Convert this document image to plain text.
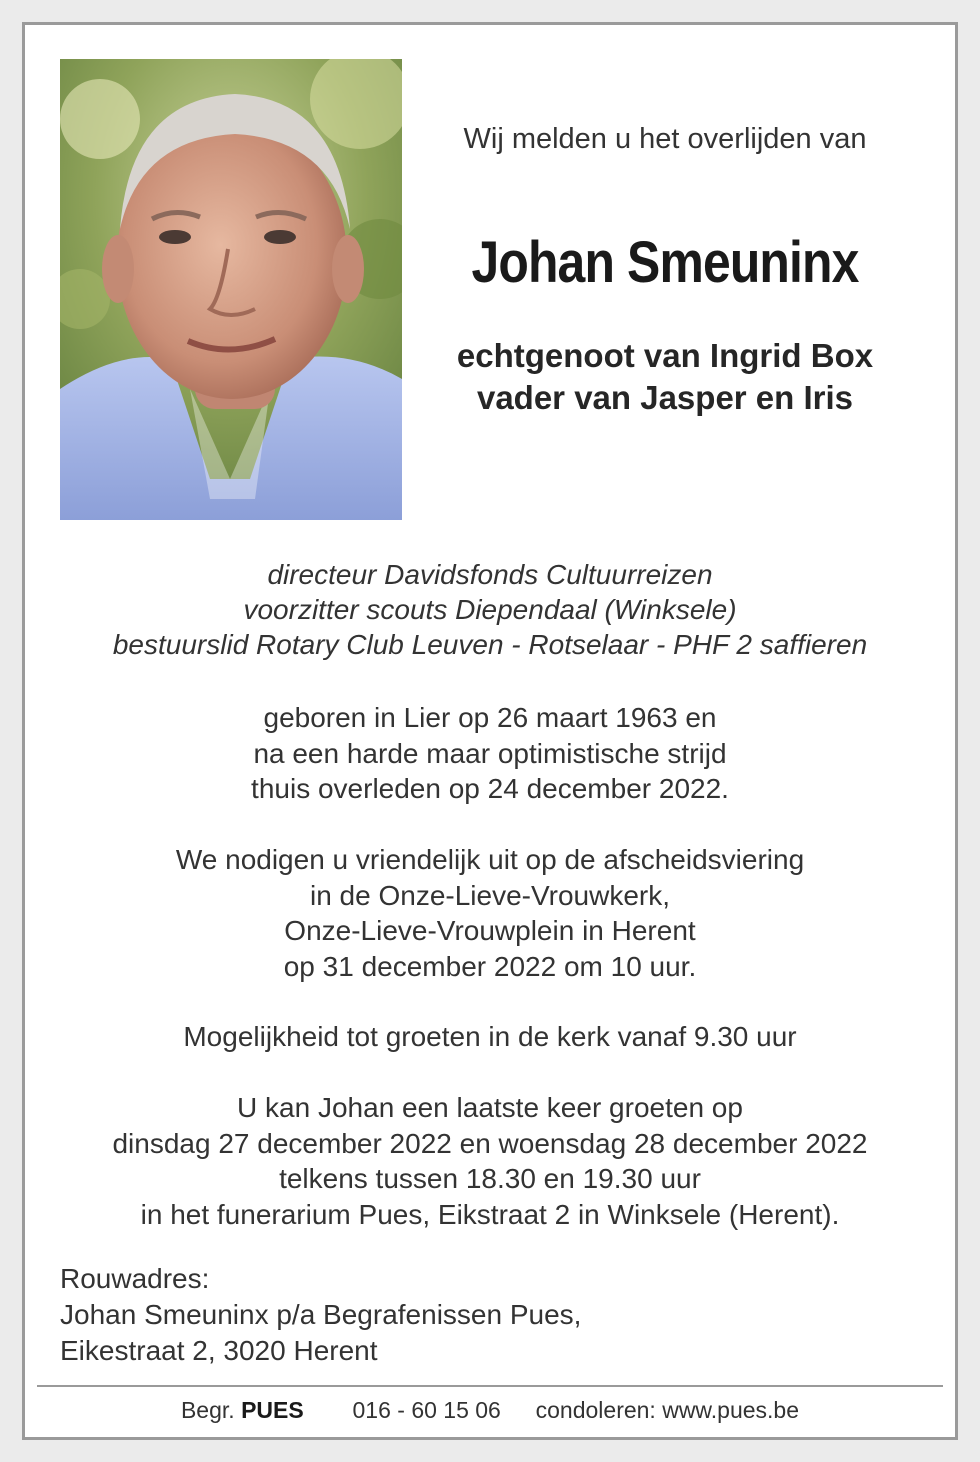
Wij melden u het overlijden van
Johan Smeuninx
echtgenoot van Ingrid Box
vader van Jasper en Iris
directeur Davidsfonds Cultuurreizen
voorzitter scouts Diependaal (Winksele)
bestuurslid Rotary Club Leuven - Rotselaar - PHF 2 saffieren
geboren in Lier op 26 maart 1963 en
na een harde maar optimistische strijd
thuis overleden op 24 december 2022.
We nodigen u vriendelijk uit op de afscheidsviering
in de Onze-Lieve-Vrouwkerk,
Onze-Lieve-Vrouwplein in Herent
op 31 december 2022 om 10 uur.
Mogelijkheid tot groeten in de kerk vanaf 9.30 uur
U kan Johan een laatste keer groeten op
dinsdag 27 december 2022 en woensdag 28 december 2022
telkens tussen 18.30 en 19.30 uur
in het funerarium Pues, Eikstraat 2 in Winksele (Herent).
Rouwadres:
Johan Smeuninx p/a Begrafenissen Pues,
Eikestraat 2, 3020 Herent
Begr. PUES 016 - 60 15 06 condoleren: www.pues.be
